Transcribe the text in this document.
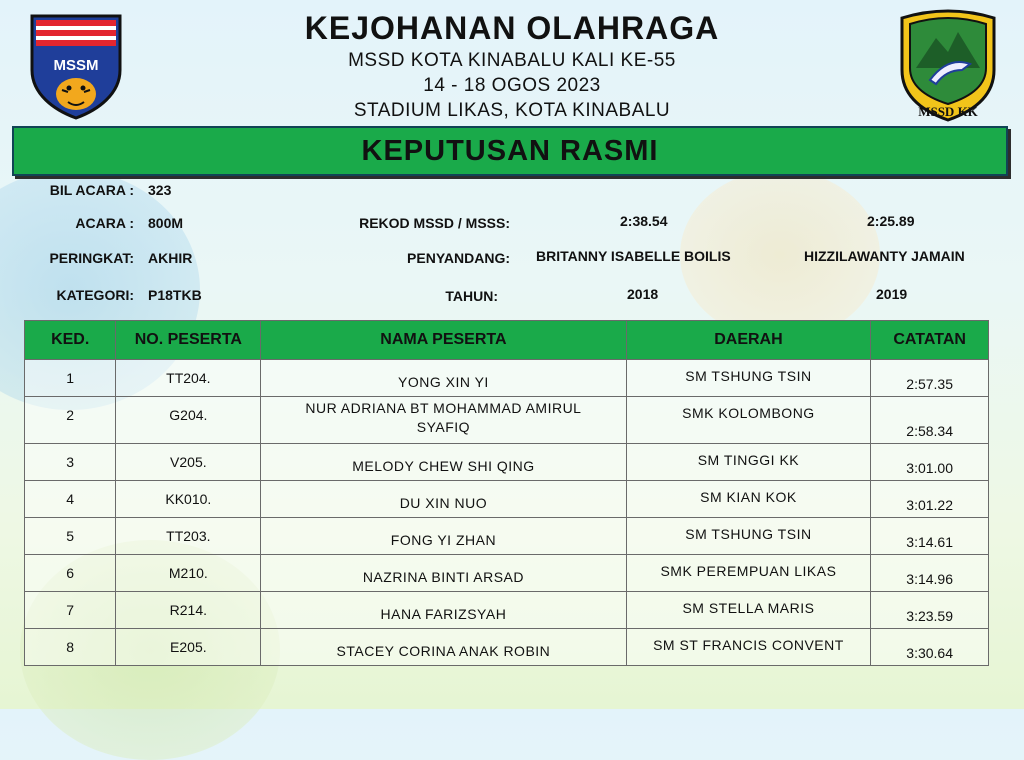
MSSM
MSSD KK
KEJOHANAN OLAHRAGA
MSSD KOTA KINABALU KALI KE-55
14 - 18 OGOS 2023
STADIUM LIKAS, KOTA KINABALU
KEPUTUSAN RASMI
BIL ACARA : 323
ACARA : 800M
PERINGKAT: AKHIR
KATEGORI: P18TKB
REKOD MSSD / MSSS:	2:38.54	2:25.89
PENYANDANG: BRITANNY ISABELLE BOILIS	HIZZILAWANTY JAMAIN
TAHUN:	2018	2019
KED.	NO. PESERTA	NAMA PESERTA	DAERAH	CATATAN
1	TT204.	YONG XIN YI	SM TSHUNG TSIN	2:57.35
2	G204.	NUR ADRIANA BT MOHAMMAD AMIRUL SYAFIQ	SMK KOLOMBONG	2:58.34
3	V205.	MELODY CHEW SHI QING	SM TINGGI KK	3:01.00
4	KK010.	DU XIN NUO	SM KIAN KOK	3:01.22
5	TT203.	FONG YI ZHAN	SM TSHUNG TSIN	3:14.61
6	M210.	NAZRINA BINTI ARSAD	SMK PEREMPUAN LIKAS	3:14.96
7	R214.	HANA FARIZSYAH	SM STELLA MARIS	3:23.59
8	E205.	STACEY CORINA ANAK ROBIN	SM ST FRANCIS CONVENT	3:30.64
